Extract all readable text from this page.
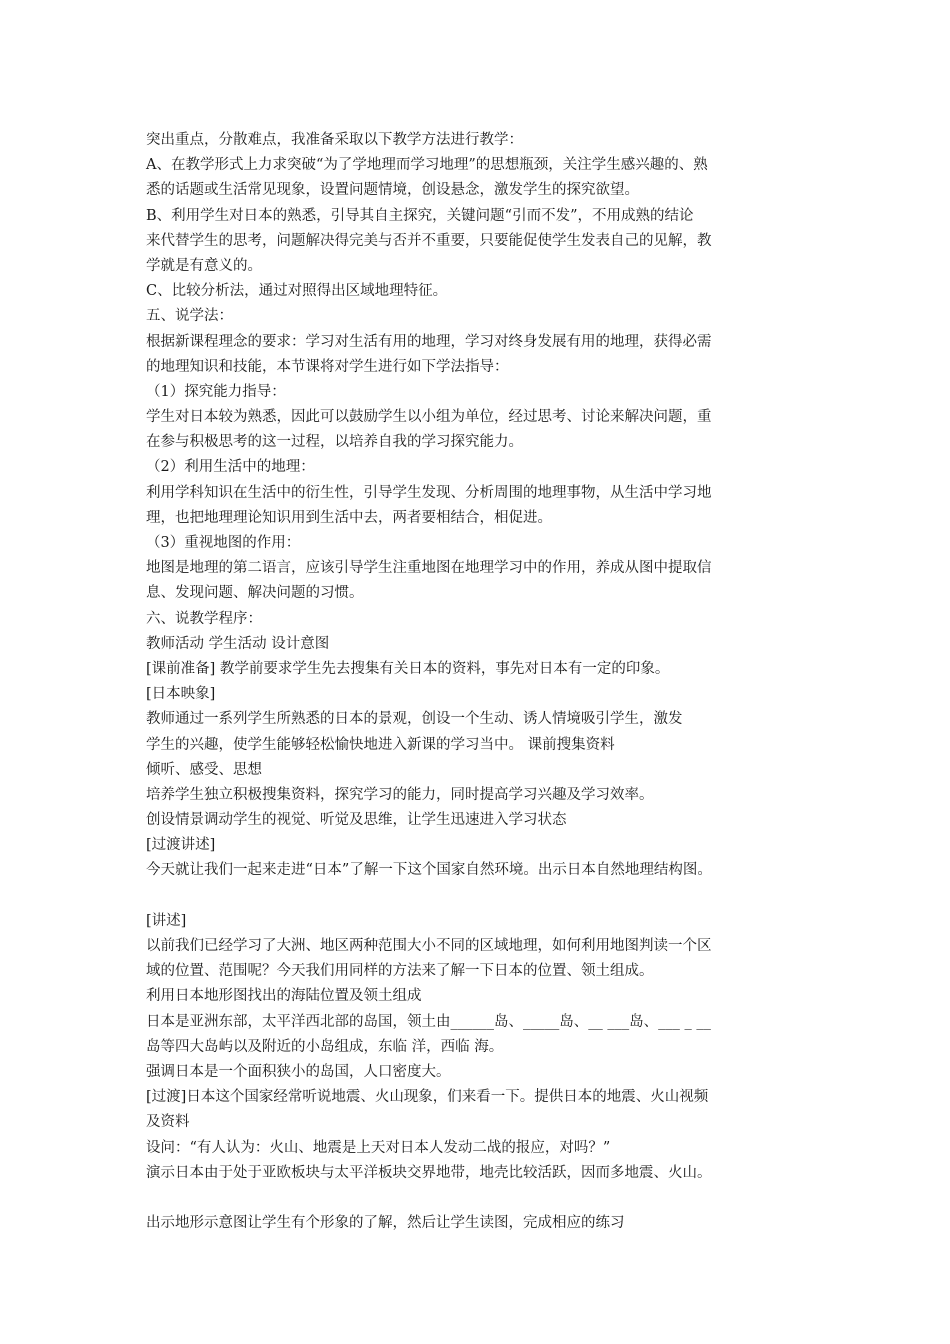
突出重点，分散难点，我准备采取以下教学方法进行教学：
A、在教学形式上力求突破“为了学地理而学习地理”的思想瓶颈，关注学生感兴趣的、熟
悉的话题或生活常见现象，设置问题情境，创设悬念，激发学生的探究欲望。
B、利用学生对日本的熟悉，引导其自主探究，关键问题“引而不发”，不用成熟的结论
来代替学生的思考，问题解决得完美与否并不重要，只要能促使学生发表自己的见解，教
学就是有意义的。
C、比较分析法，通过对照得出区域地理特征。
五、说学法：
根据新课程理念的要求：学习对生活有用的地理，学习对终身发展有用的地理，获得必需
的地理知识和技能，本节课将对学生进行如下学法指导：
（1）探究能力指导：
学生对日本较为熟悉，因此可以鼓励学生以小组为单位，经过思考、讨论来解决问题，重
在参与积极思考的这一过程，以培养自我的学习探究能力。
（2）利用生活中的地理：
利用学科知识在生活中的衍生性，引导学生发现、分析周围的地理事物，从生活中学习地
理，也把地理理论知识用到生活中去，两者要相结合，相促进。
（3）重视地图的作用：
地图是地理的第二语言，应该引导学生注重地图在地理学习中的作用，养成从图中提取信
息、发现问题、解决问题的习惯。
六、说教学程序：
教师活动 学生活动 设计意图
[课前准备] 教学前要求学生先去搜集有关日本的资料，事先对日本有一定的印象。
[日本映象]
教师通过一系列学生所熟悉的日本的景观，创设一个生动、诱人情境吸引学生，激发
学生的兴趣，使学生能够轻松愉快地进入新课的学习当中。 课前搜集资料
倾听、感受、思想
培养学生独立积极搜集资料，探究学习的能力，同时提高学习兴趣及学习效率。
创设情景调动学生的视觉、听觉及思维，让学生迅速进入学习状态
[过渡讲述]
今天就让我们一起来走进“日本”了解一下这个国家自然环境。出示日本自然地理结构图。
[讲述]
以前我们已经学习了大洲、地区两种范围大小不同的区域地理，如何利用地图判读一个区
域的位置、范围呢？今天我们用同样的方法来了解一下日本的位置、领土组成。
利用日本地形图找出的海陆位置及领土组成
日本是亚洲东部，太平洋西北部的岛国，领土由______岛、_____岛、__ ___岛、___ _ __
岛等四大岛屿以及附近的小岛组成，东临 洋，西临 海。
强调日本是一个面积狭小的岛国，人口密度大。
[过渡]日本这个国家经常听说地震、火山现象，们来看一下。提供日本的地震、火山视频
及资料
设问：“有人认为：火山、地震是上天对日本人发动二战的报应，对吗？”
演示日本由于处于亚欧板块与太平洋板块交界地带，地壳比较活跃，因而多地震、火山。
出示地形示意图让学生有个形象的了解，然后让学生读图，完成相应的练习
